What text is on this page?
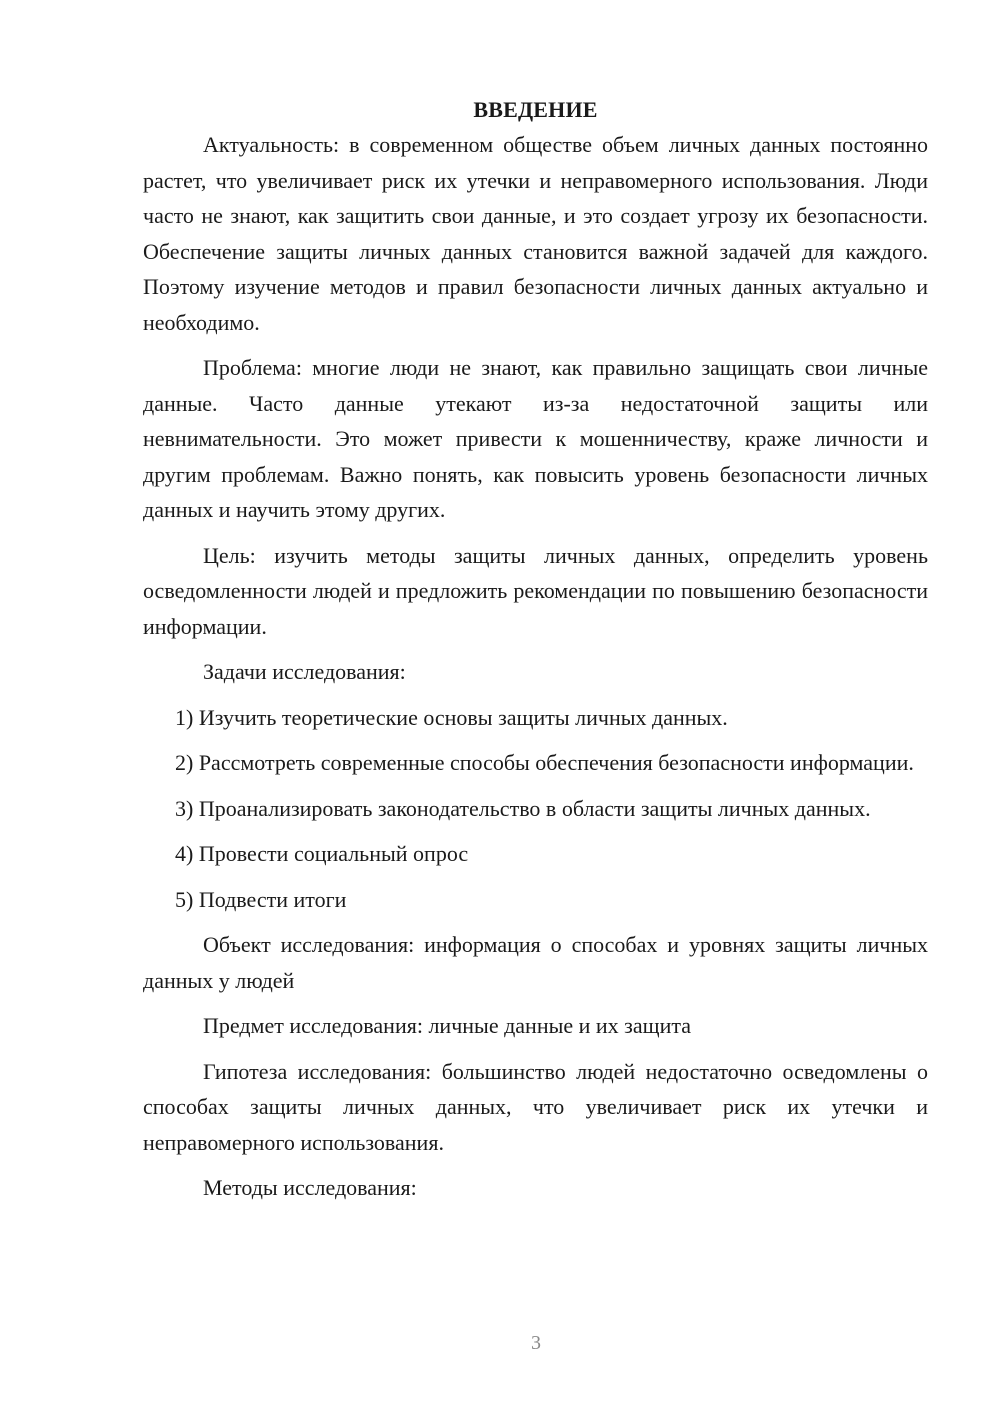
ВВЕДЕНИЕ

Актуальность: в современном обществе объем личных данных постоянно растет, что увеличивает риск их утечки и неправомерного использования. Люди часто не знают, как защитить свои данные, и это создает угрозу их безопасности. Обеспечение защиты личных данных становится важной задачей для каждого. Поэтому изучение методов и правил безопасности личных данных актуально и необходимо.

Проблема: многие люди не знают, как правильно защищать свои личные данные. Часто данные утекают из-за недостаточной защиты или невнимательности. Это может привести к мошенничеству, краже личности и другим проблемам. Важно понять, как повысить уровень безопасности личных данных и научить этому других.

Цель: изучить методы защиты личных данных, определить уровень осведомленности людей и предложить рекомендации по повышению безопасности информации.

Задачи исследования:

1) Изучить теоретические основы защиты личных данных.

2) Рассмотреть современные способы обеспечения безопасности информации.

3) Проанализировать законодательство в области защиты личных данных.

4) Провести социальный опрос

5) Подвести итоги

Объект исследования: информация о способах и уровнях защиты личных данных у людей

Предмет исследования: личные данные и их защита

Гипотеза исследования: большинство людей недостаточно осведомлены о способах защиты личных данных, что увеличивает риск их утечки и неправомерного использования.

Методы исследования:

3
